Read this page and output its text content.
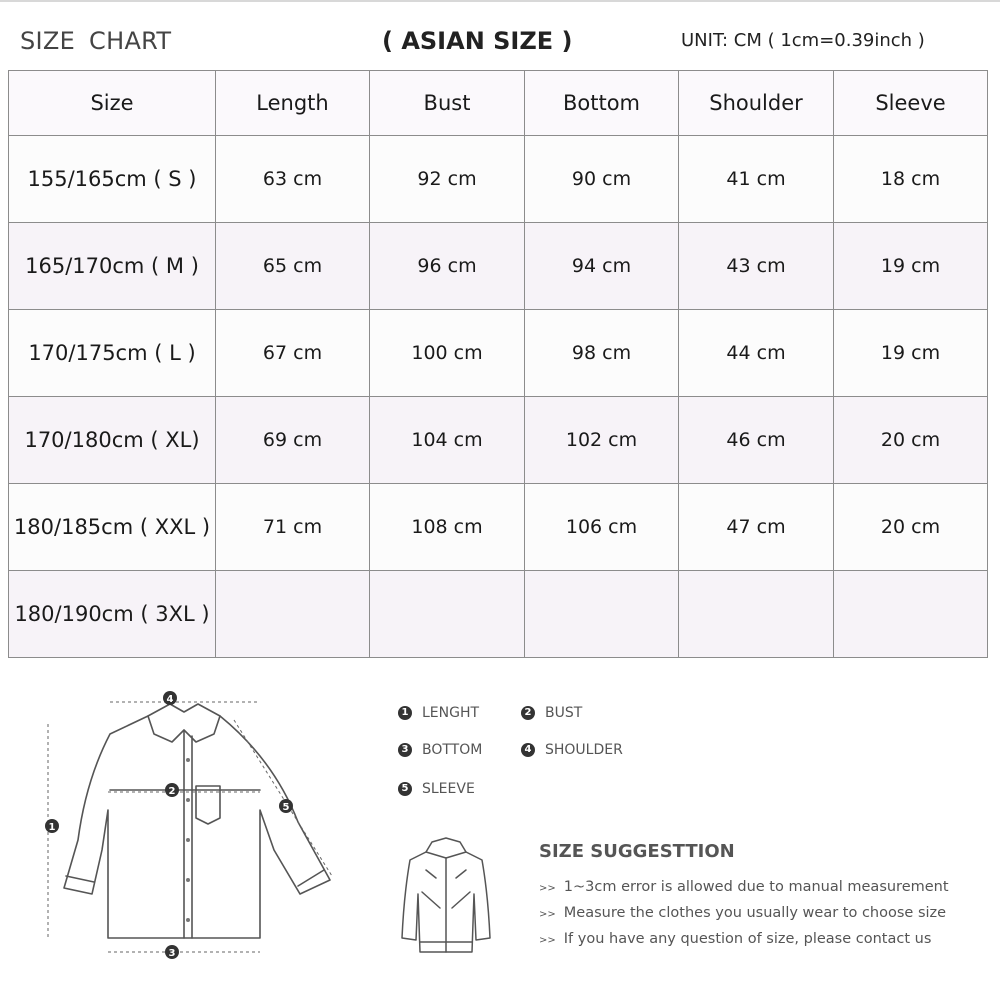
SIZE CHART	( ASIAN SIZE )	UNIT: CM ( 1cm=0.39inch )
Size	Length	Bust	Bottom	Shoulder	Sleeve
155/165cm ( S )	63 cm	92 cm	90 cm	41 cm	18 cm
165/170cm ( M )	65 cm	96 cm	94 cm	43 cm	19 cm
170/175cm ( L )	67 cm	100 cm	98 cm	44 cm	19 cm
170/180cm ( XL)	69 cm	104 cm	102 cm	46 cm	20 cm
180/185cm ( XXL )	71 cm	108 cm	106 cm	47 cm	20 cm
180/190cm ( 3XL )					
4
1
2
5
3
1 LENGHT	2 BUST
3 BOTTOM	4 SHOULDER
5 SLEEVE
SIZE SUGGESTTION
>> 1~3cm error is allowed due to manual measurement
>> Measure the clothes you usually wear to choose size
>> If you have any question of size, please contact us
